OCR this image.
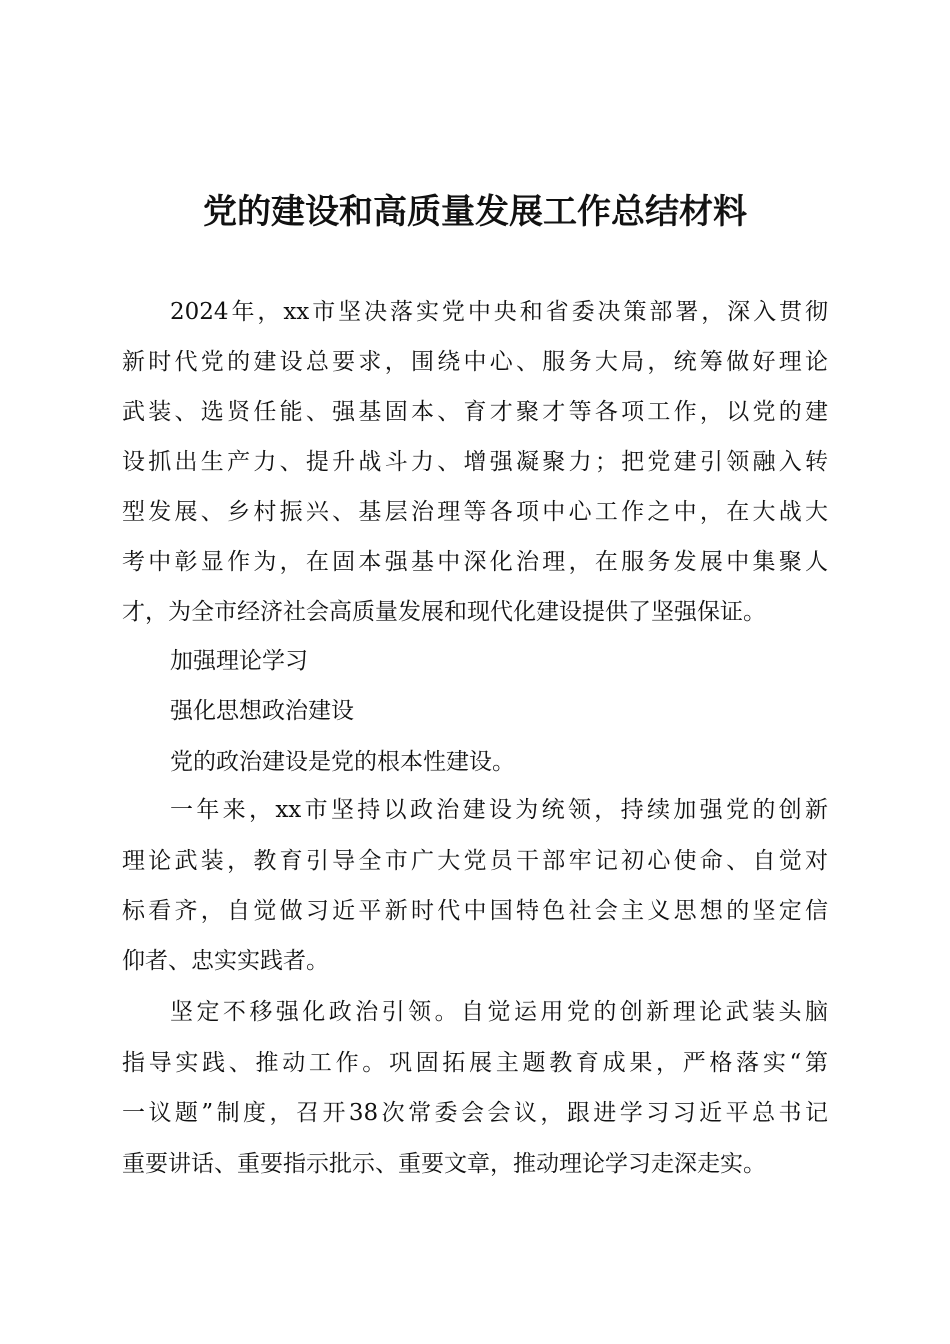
党的建设和高质量发展工作总结材料
2024年，xx市坚决落实党中央和省委决策部署，深入贯彻
新时代党的建设总要求，围绕中心、服务大局，统筹做好理论
武装、选贤任能、强基固本、育才聚才等各项工作，以党的建
设抓出生产力、提升战斗力、增强凝聚力；把党建引领融入转
型发展、乡村振兴、基层治理等各项中心工作之中，在大战大
考中彰显作为，在固本强基中深化治理，在服务发展中集聚人
才，为全市经济社会高质量发展和现代化建设提供了坚强保证。
加强理论学习
强化思想政治建设
党的政治建设是党的根本性建设。
一年来，xx市坚持以政治建设为统领，持续加强党的创新
理论武装，教育引导全市广大党员干部牢记初心使命、自觉对
标看齐，自觉做习近平新时代中国特色社会主义思想的坚定信
仰者、忠实实践者。
坚定不移强化政治引领。自觉运用党的创新理论武装头脑
指导实践、推动工作。巩固拓展主题教育成果，严格落实“第
一议题”制度，召开38次常委会会议，跟进学习习近平总书记
重要讲话、重要指示批示、重要文章，推动理论学习走深走实。
